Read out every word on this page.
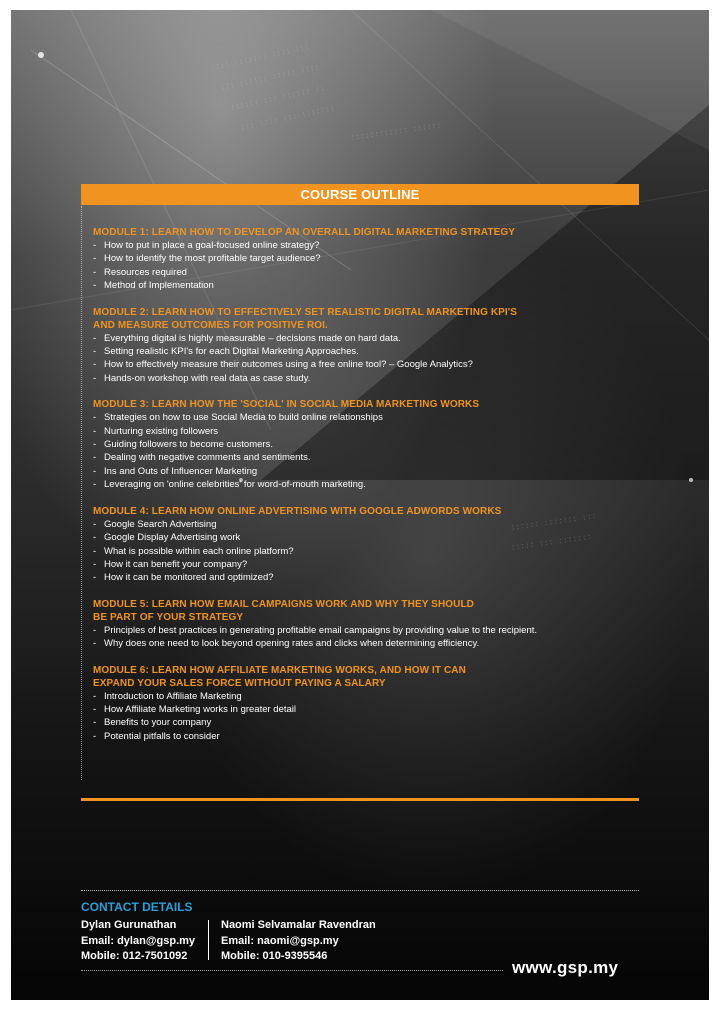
:::: ::::::: :::: :::
::: :::::: ::::: ::::
:::::: ::: :::::: ::
::: :::: ::: ::::::: :::::::::::: ::::::
:::::: ::::::: :::
::::: ::: :::::::
COURSE OUTLINE
MODULE 1: LEARN HOW TO DEVELOP AN OVERALL DIGITAL MARKETING STRATEGY
- How to put in place a goal-focused online strategy?
- How to identify the most profitable target audience?
- Resources required
- Method of Implementation
MODULE 2: LEARN HOW TO EFFECTIVELY SET REALISTIC DIGITAL MARKETING KPI'S
AND MEASURE OUTCOMES FOR POSITIVE ROI.
- Everything digital is highly measurable – decisions made on hard data.
- Setting realistic KPI's for each Digital Marketing Approaches.
- How to effectively measure their outcomes using a free online tool? – Google Analytics?
- Hands-on workshop with real data as case study.
MODULE 3: LEARN HOW THE 'SOCIAL' IN SOCIAL MEDIA MARKETING WORKS
- Strategies on how to use Social Media to build online relationships
- Nurturing existing followers
- Guiding followers to become customers.
- Dealing with negative comments and sentiments.
- Ins and Outs of Influencer Marketing
- Leveraging on 'online celebrities' for word-of-mouth marketing.
MODULE 4: LEARN HOW ONLINE ADVERTISING WITH GOOGLE ADWORDS WORKS
- Google Search Advertising
- Google Display Advertising work
- What is possible within each online platform?
- How it can benefit your company?
- How it can be monitored and optimized?
MODULE 5: LEARN HOW EMAIL CAMPAIGNS WORK AND WHY THEY SHOULD
BE PART OF YOUR STRATEGY
- Principles of best practices in generating profitable email campaigns by providing value to the recipient.
- Why does one need to look beyond opening rates and clicks when determining efficiency.
MODULE 6: LEARN HOW AFFILIATE MARKETING WORKS, AND HOW IT CAN
EXPAND YOUR SALES FORCE WITHOUT PAYING A SALARY
- Introduction to Affiliate Marketing
- How Affiliate Marketing works in greater detail
- Benefits to your company
- Potential pitfalls to consider
CONTACT DETAILS
Dylan Gurunathan
Email: dylan@gsp.my
Mobile: 012-7501092
Naomi Selvamalar Ravendran
Email: naomi@gsp.my
Mobile: 010-9395546
www.gsp.my
